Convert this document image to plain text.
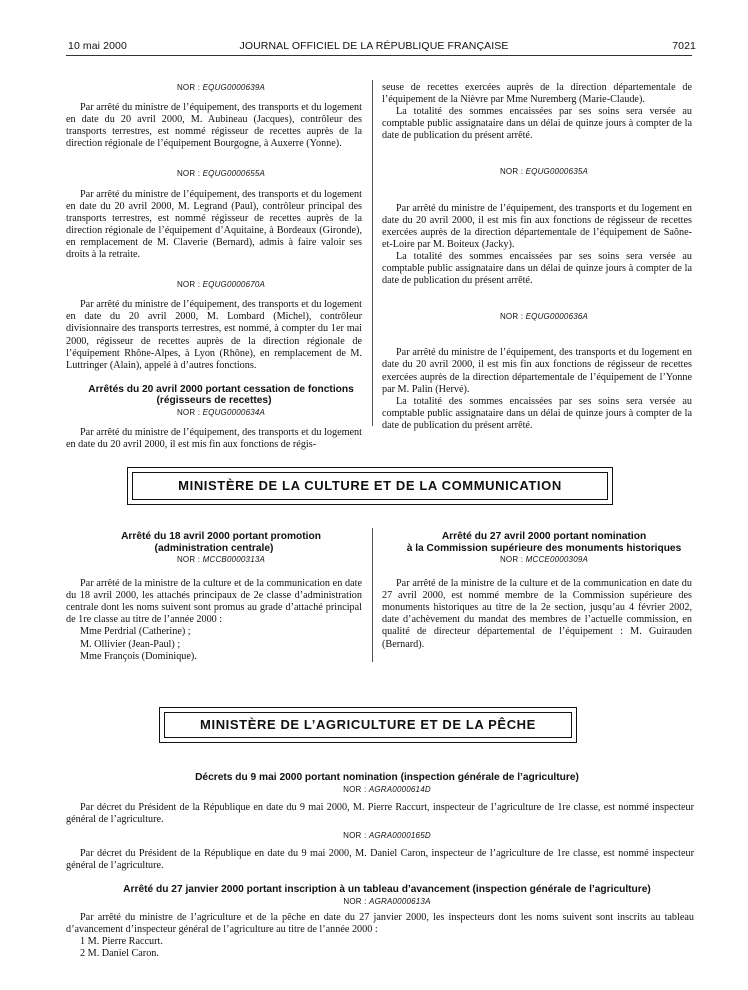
10 mai 2000	JOURNAL OFFICIEL DE LA RÉPUBLIQUE FRANÇAISE	7021

NOR : EQUG0000639A

Par arrêté du ministre de l’équipement, des transports et du logement en date du 20 avril 2000, M. Aubineau (Jacques), contrôleur des transports terrestres, est nommé régisseur de recettes auprès de la direction régionale de l’équipement Bourgogne, à Auxerre (Yonne).

NOR : EQUG0000655A

Par arrêté du ministre de l’équipement, des transports et du logement en date du 20 avril 2000, M. Legrand (Paul), contrôleur principal des transports terrestres, est nommé régisseur de recettes auprès de la direction régionale de l’équipement d’Aquitaine, à Bordeaux (Gironde), en remplacement de M. Claverie (Bernard), admis à faire valoir ses droits à la retraite.

NOR : EQUG0000670A

Par arrêté du ministre de l’équipement, des transports et du logement en date du 20 avril 2000, M. Lombard (Michel), contrôleur divisionnaire des transports terrestres, est nommé, à compter du 1er mai 2000, régisseur de recettes auprès de la direction régionale de l’équipement Rhône-Alpes, à Lyon (Rhône), en remplacement de M. Luttringer (Alain), appelé à d’autres fonctions.

Arrêtés du 20 avril 2000 portant cessation de fonctions (régisseurs de recettes)

NOR : EQUG0000634A

Par arrêté du ministre de l’équipement, des transports et du logement en date du 20 avril 2000, il est mis fin aux fonctions de régis-

seuse de recettes exercées auprès de la direction départementale de l’équipement de la Nièvre par Mme Nuremberg (Marie-Claude).

La totalité des sommes encaissées par ses soins sera versée au comptable public assignataire dans un délai de quinze jours à compter de la date de publication du présent arrêté.

NOR : EQUG0000635A

Par arrêté du ministre de l’équipement, des transports et du logement en date du 20 avril 2000, il est mis fin aux fonctions de régisseur de recettes exercées auprès de la direction départementale de l’équipement de Saône-et-Loire par M. Boiteux (Jacky).

La totalité des sommes encaissées par ses soins sera versée au comptable public assignataire dans un délai de quinze jours à compter de la date de publication du présent arrêté.

NOR : EQUG0000636A

Par arrêté du ministre de l’équipement, des transports et du logement en date du 20 avril 2000, il est mis fin aux fonctions de régisseur de recettes exercées auprès de la direction départementale de l’équipement de l’Yonne par M. Palin (Hervé).

La totalité des sommes encaissées par ses soins sera versée au comptable public assignataire dans un délai de quinze jours à compter de la date de publication du présent arrêté.

MINISTÈRE DE LA CULTURE ET DE LA COMMUNICATION

Arrêté du 18 avril 2000 portant promotion (administration centrale)

NOR : MCCB0000313A

Par arrêté de la ministre de la culture et de la communication en date du 18 avril 2000, les attachés principaux de 2e classe d’administration centrale dont les noms suivent sont promus au grade d’attaché principal de 1re classe au titre de l’année 2000 :

Mme Perdrial (Catherine) ;

M. Ollivier (Jean-Paul) ;

Mme François (Dominique).

Arrêté du 27 avril 2000 portant nomination

à la Commission supérieure des monuments historiques

NOR : MCCE0000309A

Par arrêté de la ministre de la culture et de la communication en date du 27 avril 2000, est nommé membre de la Commission supérieure des monuments historiques au titre de la 2e section, jusqu’au 4 février 2002, date d’achèvement du mandat des membres de l’actuelle commission, en qualité de directeur départemental de l’équipement : M. Guirauden (Bernard).

MINISTÈRE DE L’AGRICULTURE ET DE LA PÊCHE

Décrets du 9 mai 2000 portant nomination (inspection générale de l’agriculture)

NOR : AGRA0000614D

Par décret du Président de la République en date du 9 mai 2000, M. Pierre Raccurt, inspecteur de l’agriculture de 1re classe, est nommé inspecteur général de l’agriculture.

NOR : AGRA0000165D

Par décret du Président de la République en date du 9 mai 2000, M. Daniel Caron, inspecteur de l’agriculture de 1re classe, est nommé inspecteur général de l’agriculture.

Arrêté du 27 janvier 2000 portant inscription à un tableau d’avancement (inspection générale de l’agriculture)

NOR : AGRA0000613A

Par arrêté du ministre de l’agriculture et de la pêche en date du 27 janvier 2000, les inspecteurs dont les noms suivent sont inscrits au tableau d’avancement d’inspecteur général de l’agriculture au titre de l’année 2000 :

1 M. Pierre Raccurt.

2 M. Daniel Caron.
